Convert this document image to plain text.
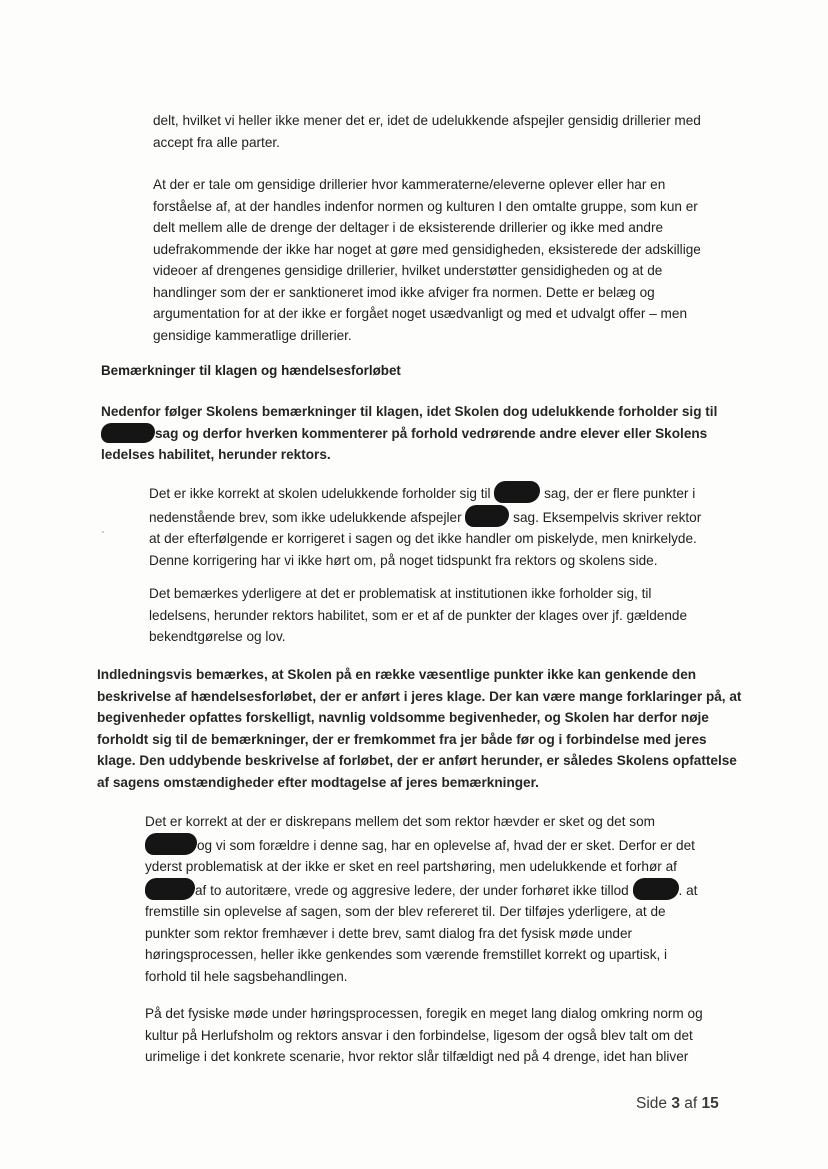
delt, hvilket vi heller ikke mener det er, idet de udelukkende afspejler gensidig drillerier med
accept fra alle parter.
At der er tale om gensidige drillerier hvor kammeraterne/eleverne oplever eller har en
forståelse af, at der handles indenfor normen og kulturen I den omtalte gruppe, som kun er
delt mellem alle de drenge der deltager i de eksisterende drillerier og ikke med andre
udefrakommende der ikke har noget at gøre med gensidigheden, eksisterede der adskillige
videoer af drengenes gensidige drillerier, hvilket understøtter gensidigheden og at de
handlinger som der er sanktioneret imod ikke afviger fra normen. Dette er belæg og
argumentation for at der ikke er forgået noget usædvanligt og med et udvalgt offer – men
gensidige kammeratlige drillerier.
Bemærkninger til klagen og hændelsesforløbet
Nedenfor følger Skolens bemærkninger til klagen, idet Skolen dog udelukkende forholder sig til
sag og derfor hverken kommenterer på forhold vedrørende andre elever eller Skolens
ledelses habilitet, herunder rektors.
Det er ikke korrekt at skolen udelukkende forholder sig til	sag, der er flere punkter i
nedenstående brev, som ikke udelukkende afspejler	sag. Eksempelvis skriver rektor
at der efterfølgende er korrigeret i sagen og det ikke handler om piskelyde, men knirkelyde.
Denne korrigering har vi ikke hørt om, på noget tidspunkt fra rektors og skolens side.
Det bemærkes yderligere at det er problematisk at institutionen ikke forholder sig, til
ledelsens, herunder rektors habilitet, som er et af de punkter der klages over jf. gældende
bekendtgørelse og lov.
Indledningsvis bemærkes, at Skolen på en række væsentlige punkter ikke kan genkende den
beskrivelse af hændelsesforløbet, der er anført i jeres klage. Der kan være mange forklaringer på, at
begivenheder opfattes forskelligt, navnlig voldsomme begivenheder, og Skolen har derfor nøje
forholdt sig til de bemærkninger, der er fremkommet fra jer både før og i forbindelse med jeres
klage. Den uddybende beskrivelse af forløbet, der er anført herunder, er således Skolens opfattelse
af sagens omstændigheder efter modtagelse af jeres bemærkninger.
Det er korrekt at der er diskrepans mellem det som rektor hævder er sket og det som
og vi som forældre i denne sag, har en oplevelse af, hvad der er sket. Derfor er det
yderst problematisk at der ikke er sket en reel partshøring, men udelukkende et forhør af
af to autoritære, vrede og aggresive ledere, der under forhøret ikke tillod	. at
fremstille sin oplevelse af sagen, som der blev refereret til. Der tilføjes yderligere, at de
punkter som rektor fremhæver i dette brev, samt dialog fra det fysisk møde under
høringsprocessen, heller ikke genkendes som værende fremstillet korrekt og upartisk, i
forhold til hele sagsbehandlingen.
På det fysiske møde under høringsprocessen, foregik en meget lang dialog omkring norm og
kultur på Herlufsholm og rektors ansvar i den forbindelse, ligesom der også blev talt om det
urimelige i det konkrete scenarie, hvor rektor slår tilfældigt ned på 4 drenge, idet han bliver
Side 3 af 15
